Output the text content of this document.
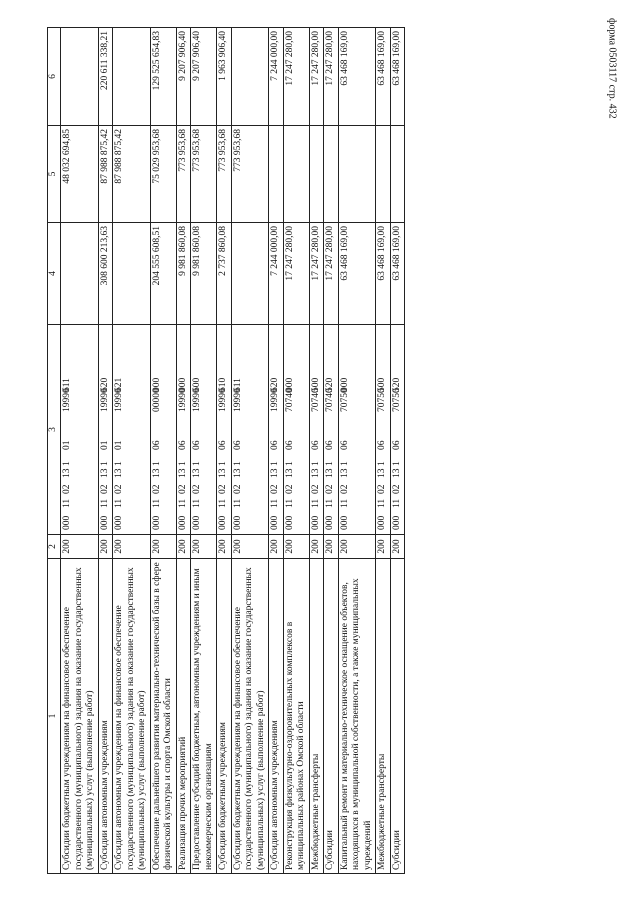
форма 0503117 стр. 432
1	2	3	4	5	6
Субсидии бюджетным учреждениям на финансовое обеспечение государственного (муниципального) задания на оказание государственных (муниципальных) услуг (выполнение работ)	200	00011021310119990611		48 032 694,85	
Субсидии автономным учреждениям	200	00011021310119990620	308 600 213,63	87 988 875,42	220 611 338,21
Субсидии автономным учреждениям на финансовое обеспечение государственного (муниципального) задания на оказание государственных (муниципальных) услуг (выполнение работ)	200	00011021310119990621		87 988 875,42	
Обеспечение дальнейшего развития материально-технической базы в сфере физической культуры и спорта Омской области	200	00011021310600000000	204 555 608,51	75 029 953,68	129 525 654,83
Реализация прочих мероприятий	200	00011021310619990000	9 981 860,08	773 953,68	9 207 906,40
Предоставление субсидий бюджетным, автономным учреждениям и иным некоммерческим организациям	200	00011021310619990600	9 981 860,08	773 953,68	9 207 906,40
Субсидии бюджетным учреждениям	200	00011021310619990610	2 737 860,08	773 953,68	1 963 906,40
Субсидии бюджетным учреждениям на финансовое обеспечение государственного (муниципального) задания на оказание государственных (муниципальных) услуг (выполнение работ)	200	00011021310619990611		773 953,68	
Субсидии автономным учреждениям	200	00011021310619990620	7 244 000,00		7 244 000,00
Реконструкция физкультурно-оздоровительных комплексов в муниципальных районах Омской области	200	00011021310670740000	17 247 280,00		17 247 280,00
Межбюджетные трансферты	200	00011021310670740500	17 247 280,00		17 247 280,00
Субсидии	200	00011021310670740520	17 247 280,00		17 247 280,00
Капитальный ремонт и материально-техническое оснащение объектов, находящихся в муниципальной собственности, а также муниципальных учреждений	200	00011021310670750000	63 468 169,00		63 468 169,00
Межбюджетные трансферты	200	00011021310670750500	63 468 169,00		63 468 169,00
Субсидии	200	00011021310670750520	63 468 169,00		63 468 169,00
